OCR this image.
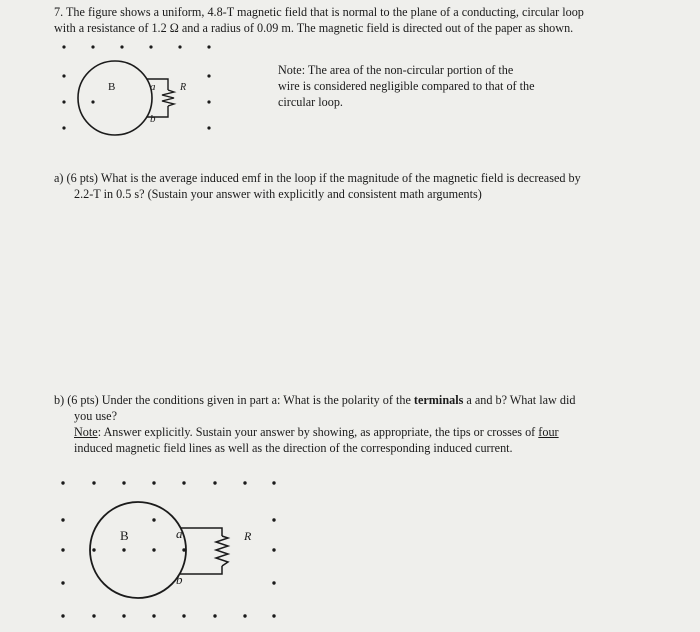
7. The figure shows a uniform, 4.8-T magnetic field that is normal to the plane of a conducting, circular loop
with a resistance of 1.2 Ω and a radius of 0.09 m. The magnetic field is directed out of the paper as shown.
B	a
b
R
Note: The area of the non-circular portion of the
wire is considered negligible compared to that of the
circular loop.
a) (6 pts) What is the average induced emf in the loop if the magnitude of the magnetic field is decreased by
2.2-T in 0.5 s? (Sustain your answer with explicitly and consistent math arguments)
b) (6 pts) Under the conditions given in part a: What is the polarity of the terminals a and b? What law did
you use?
Note: Answer explicitly. Sustain your answer by showing, as appropriate, the tips or crosses of four
induced magnetic field lines as well as the direction of the corresponding induced current.
B	a
b
R
